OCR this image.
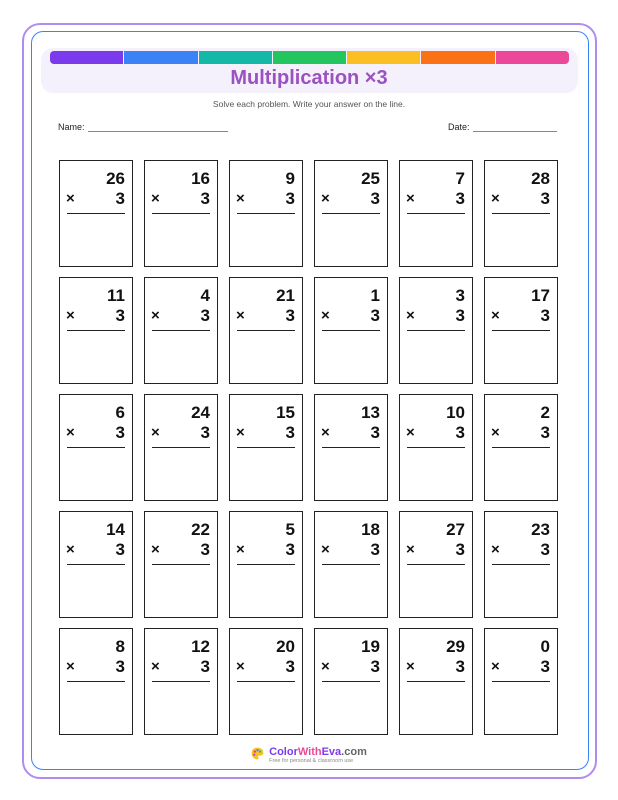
Multiplication ×3
Solve each problem. Write your answer on the line.
Name:	Date:
26
× 3
16
× 3
9
× 3
25
× 3
7
× 3
28
× 3
11
× 3
4
× 3
21
× 3
1
× 3
3
× 3
17
× 3
6
× 3
24
× 3
15
× 3
13
× 3
10
× 3
2
× 3
14
× 3
22
× 3
5
× 3
18
× 3
27
× 3
23
× 3
8
× 3
12
× 3
20
× 3
19
× 3
29
× 3
0
× 3
ColorWithEva.com
Free for personal & classroom use
